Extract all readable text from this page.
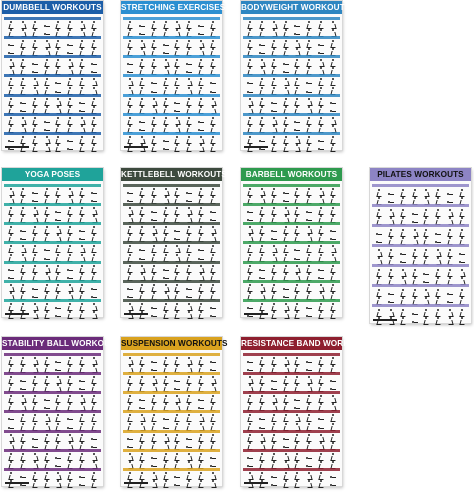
DUMBBELL WORKOUTS STRETCHING EXERCISES BODYWEIGHT WORKOUTS
YOGA POSES	KETTLEBELL WORKOUTS	BARBELL WORKOUTS	PILATES WORKOUTS
STABILITY BALL WORKOUTS SUSPENSION WORKOUTS RESISTANCE BAND WORKOUTS
